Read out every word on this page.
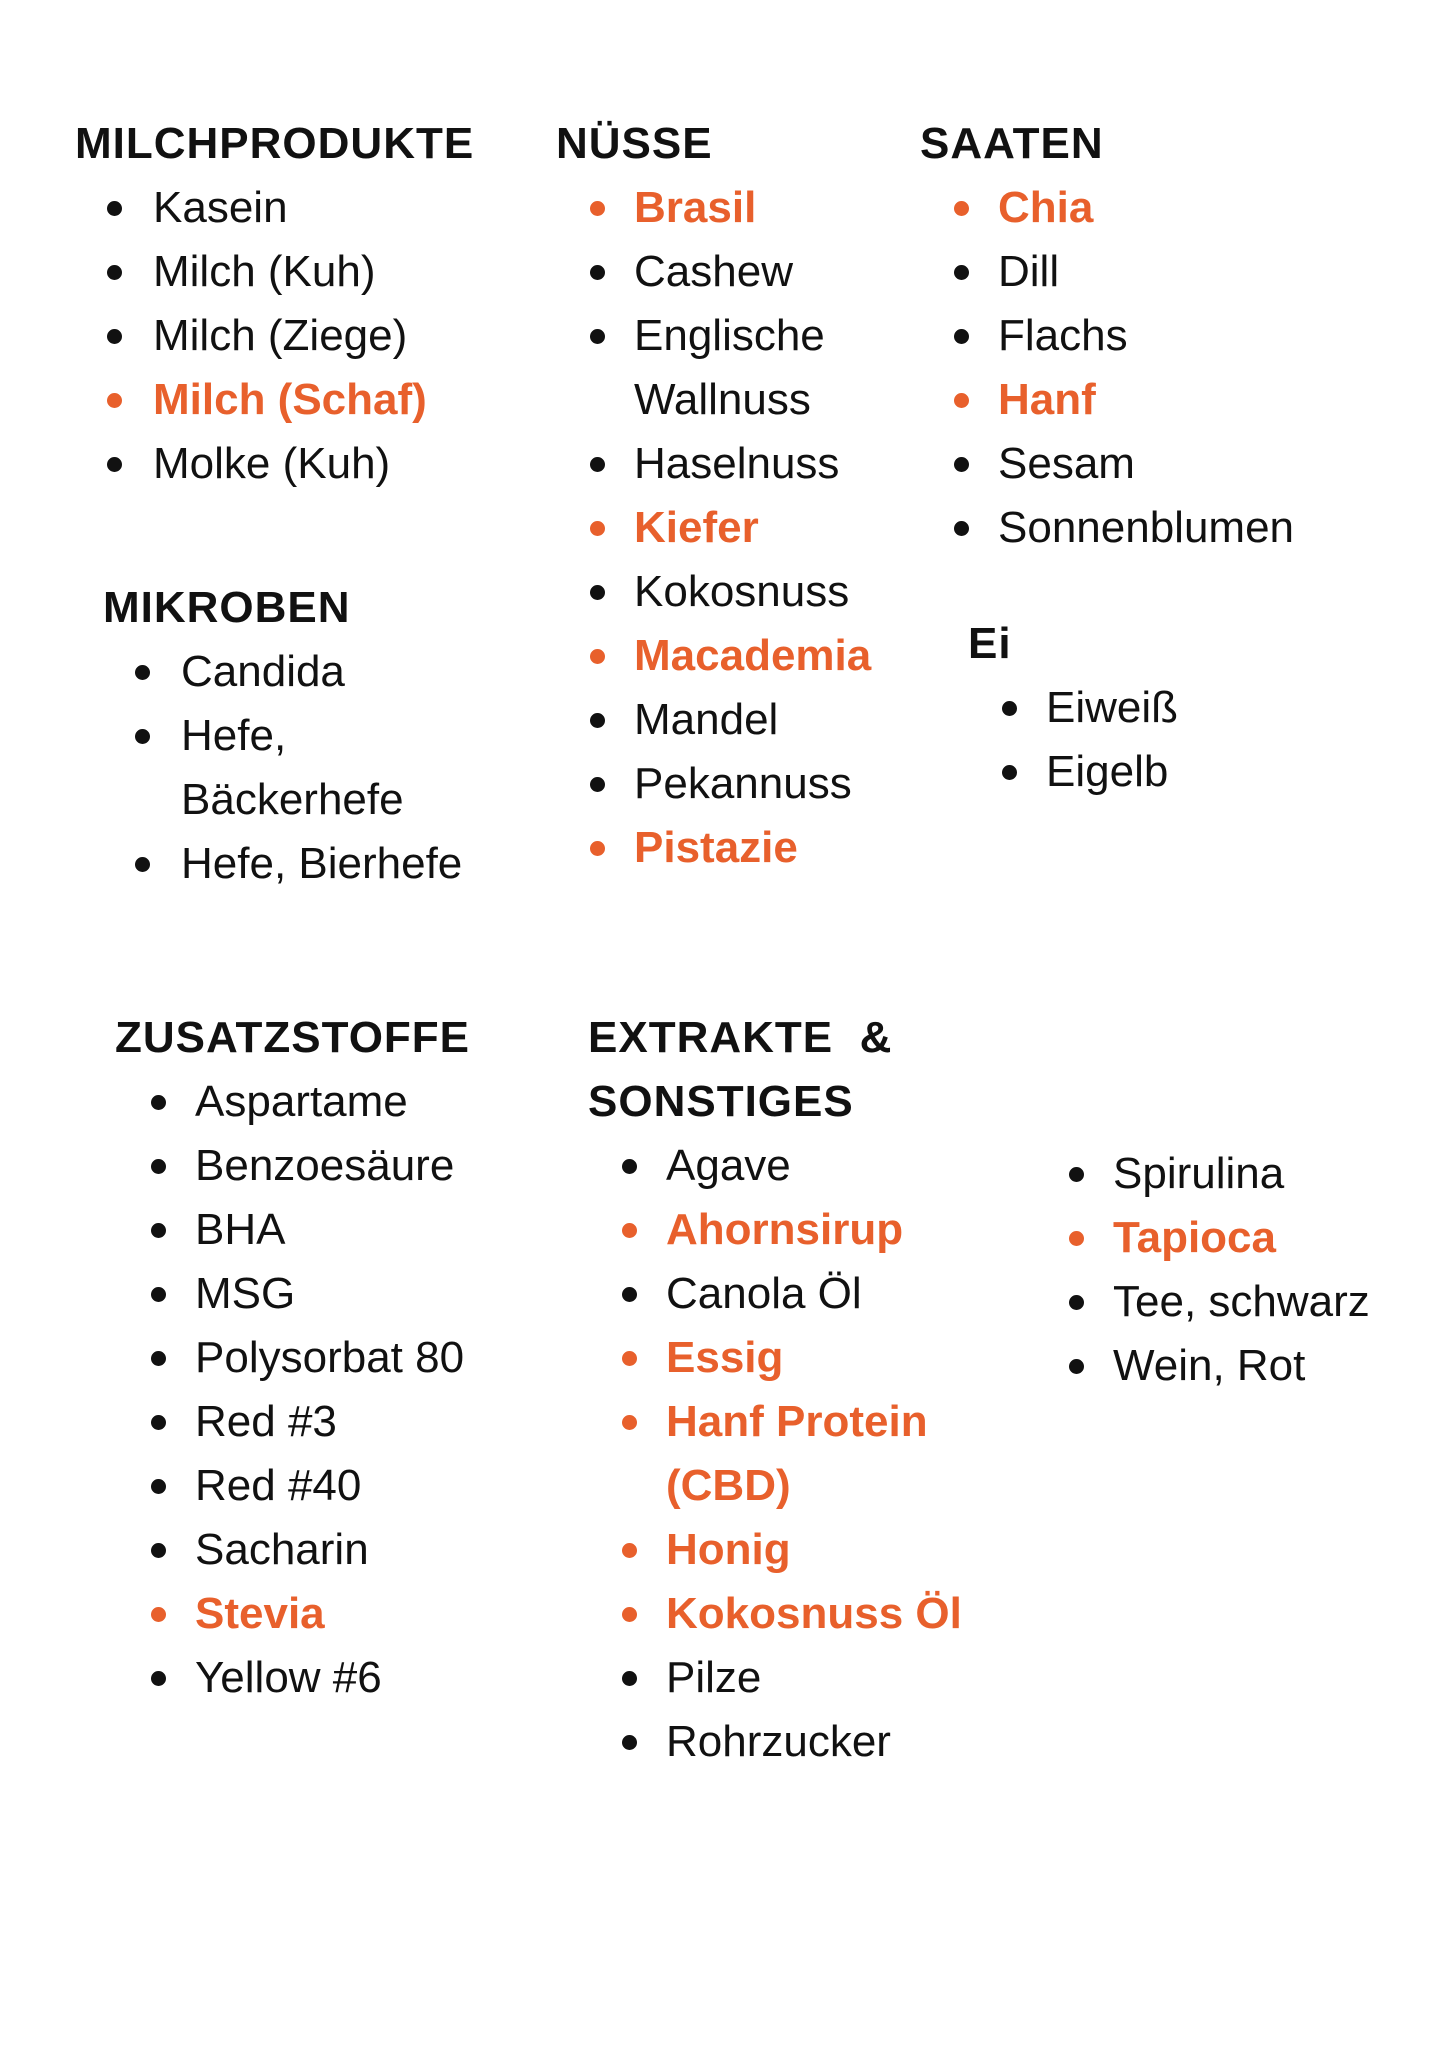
MILCHPRODUKTE
Kasein
Milch (Kuh)
Milch (Ziege)
Milch (Schaf)
Molke (Kuh)
NÜSSE
Brasil
Cashew
Englische
Wallnuss
Haselnuss
Kiefer
Kokosnuss
Macademia
Mandel
Pekannuss
Pistazie
SAATEN
Chia
Dill
Flachs
Hanf
Sesam
Sonnenblumen
MIKROBEN
Candida
Hefe,
Bäckerhefe
Hefe, Bierhefe
Ei
Eiweiß
Eigelb
ZUSATZSTOFFE
Aspartame
Benzoesäure
BHA
MSG
Polysorbat 80
Red #3
Red #40
Sacharin
Stevia
Yellow #6
EXTRAKTE  &
SONSTIGES
Agave
Ahornsirup
Canola Öl
Essig
Hanf Protein
(CBD)
Honig
Kokosnuss Öl
Pilze
Rohrzucker
Spirulina
Tapioca
Tee, schwarz
Wein, Rot
